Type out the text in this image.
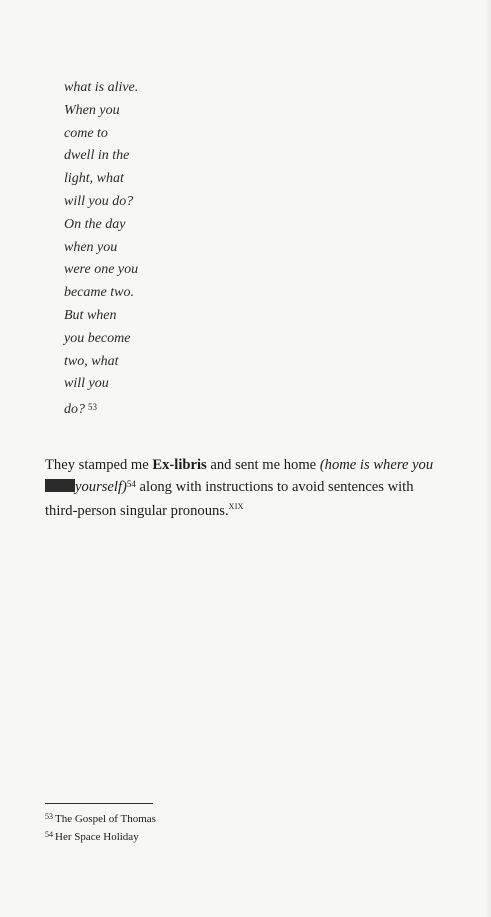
what is alive.
When you
come to
dwell in the
light, what
will you do?
On the day
when you
were one you
became two.
But when
you become
two, what
will you
do? $^{53}$
They stamped me Ex-libris and sent me home (home is where you
yourself)$^{54}$ along with instructions to avoid sentences with
third-person singular pronouns.$^{XIX}$
$^{53}$ The Gospel of Thomas
$^{54}$ Her Space Holiday
